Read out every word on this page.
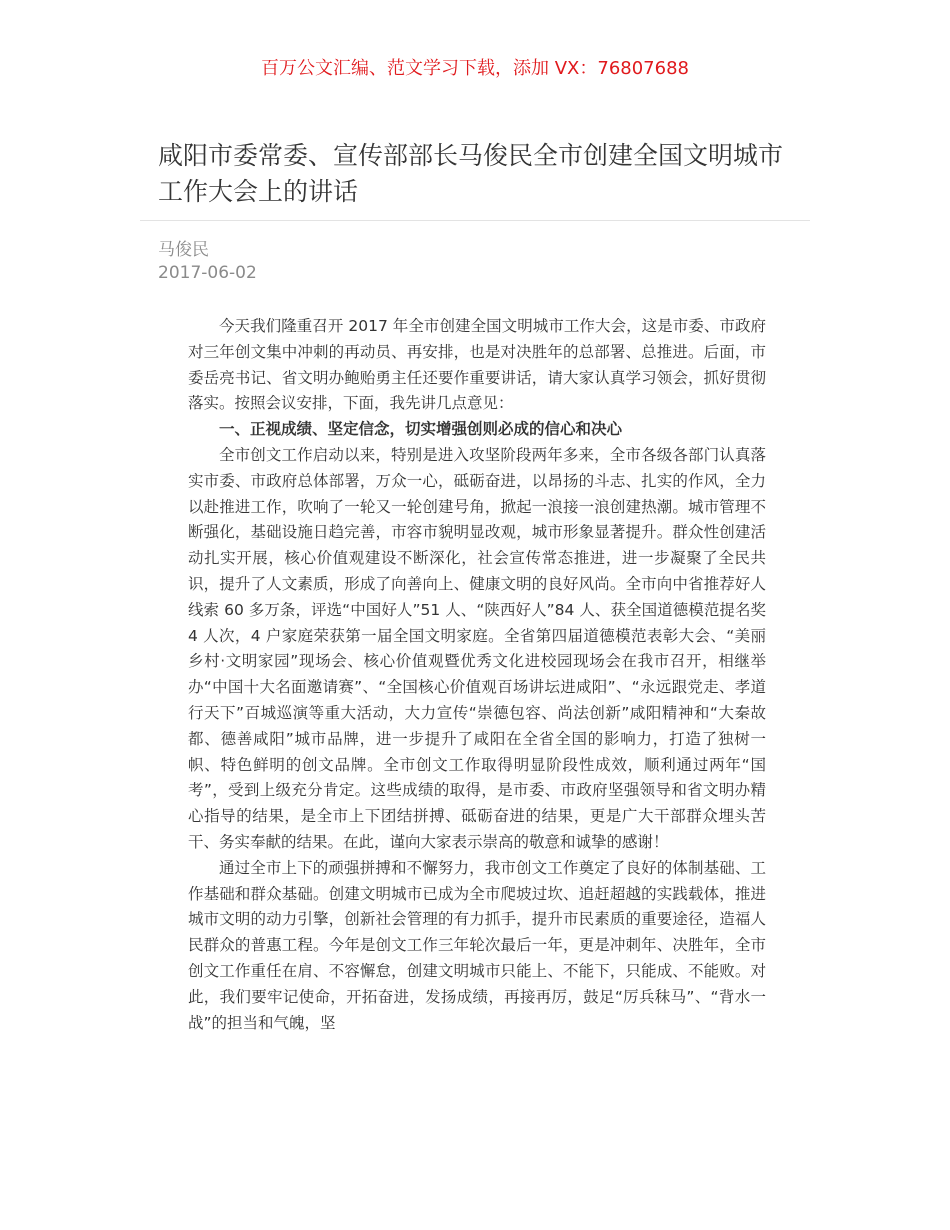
百万公文汇编、范文学习下载，添加 VX：76807688
咸阳市委常委、宣传部部长马俊民全市创建全国文明城市工作大会上的讲话
马俊民
2017-06-02

今天我们隆重召开 2017 年全市创建全国文明城市工作大会，这是市委、市政府对三年创文集中冲刺的再动员、再安排，也是对决胜年的总部署、总推进。后面，市委岳亮书记、省文明办鲍贻勇主任还要作重要讲话，请大家认真学习领会，抓好贯彻落实。按照会议安排，下面，我先讲几点意见：

一、正视成绩、坚定信念，切实增强创则必成的信心和决心

全市创文工作启动以来，特别是进入攻坚阶段两年多来，全市各级各部门认真落实市委、市政府总体部署，万众一心，砥砺奋进，以昂扬的斗志、扎实的作风，全力以赴推进工作，吹响了一轮又一轮创建号角，掀起一浪接一浪创建热潮。城市管理不断强化，基础设施日趋完善，市容市貌明显改观，城市形象显著提升。群众性创建活动扎实开展，核心价值观建设不断深化，社会宣传常态推进，进一步凝聚了全民共识，提升了人文素质，形成了向善向上、健康文明的良好风尚。全市向中省推荐好人线索 60 多万条，评选“中国好人”51 人、“陕西好人”84 人、获全国道德模范提名奖 4 人次，4 户家庭荣获第一届全国文明家庭。全省第四届道德模范表彰大会、“美丽乡村·文明家园”现场会、核心价值观暨优秀文化进校园现场会在我市召开，相继举办“中国十大名面邀请赛”、“全国核心价值观百场讲坛进咸阳”、“永远跟党走、孝道行天下”百城巡演等重大活动，大力宣传“崇德包容、尚法创新”咸阳精神和“大秦故都、德善咸阳”城市品牌，进一步提升了咸阳在全省全国的影响力，打造了独树一帜、特色鲜明的创文品牌。全市创文工作取得明显阶段性成效，顺利通过两年“国考”，受到上级充分肯定。这些成绩的取得，是市委、市政府坚强领导和省文明办精心指导的结果，是全市上下团结拼搏、砥砺奋进的结果，更是广大干部群众埋头苦干、务实奉献的结果。在此，谨向大家表示崇高的敬意和诚挚的感谢！

通过全市上下的顽强拼搏和不懈努力，我市创文工作奠定了良好的体制基础、工作基础和群众基础。创建文明城市已成为全市爬坡过坎、追赶超越的实践载体，推进城市文明的动力引擎，创新社会管理的有力抓手，提升市民素质的重要途径，造福人民群众的普惠工程。今年是创文工作三年轮次最后一年，更是冲刺年、决胜年，全市创文工作重任在肩、不容懈怠，创建文明城市只能上、不能下，只能成、不能败。对此，我们要牢记使命，开拓奋进，发扬成绩，再接再厉，鼓足“厉兵秣马”、“背水一战”的担当和气魄，坚
